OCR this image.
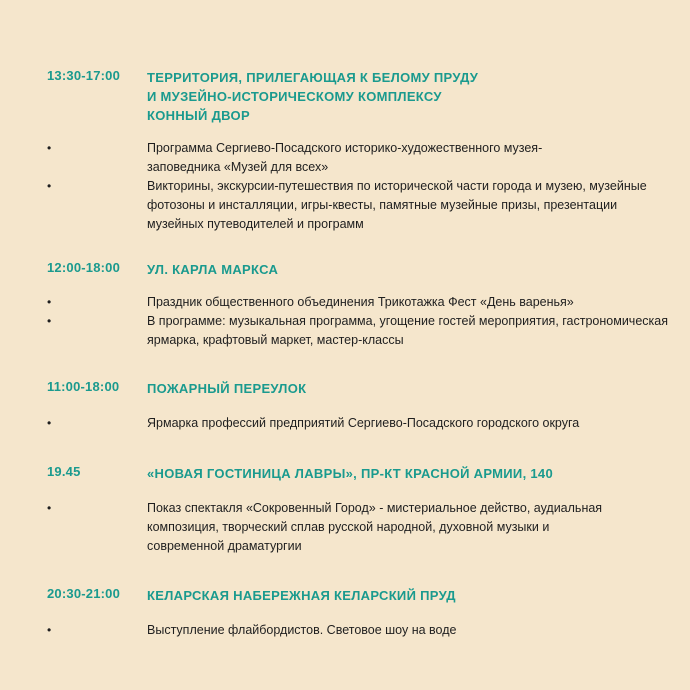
13:30-17:00 ТЕРРИТОРИЯ, ПРИЛЕГАЮЩАЯ К БЕЛОМУ ПРУДУ
И МУЗЕЙНО-ИСТОРИЧЕСКОМУ КОМПЛЕКСУ
КОННЫЙ ДВОР
•	Программа Сергиево-Посадского историко-художественного музея-заповедника «Музей для всех»
•	Викторины, экскурсии-путешествия по исторической части города и музею, музейные фотозоны и инсталляции, игры-квесты, памятные музейные призы, презентации музейных путеводителей и программ
12:00-18:00 УЛ. КАРЛА МАРКСА
•	Праздник общественного объединения Трикотажка Фест «День варенья»
•	В программе: музыкальная программа, угощение гостей мероприятия, гастрономическая ярмарка, крафтовый маркет, мастер-классы
11:00-18:00 ПОЖАРНЫЙ ПЕРЕУЛОК
•	Ярмарка профессий предприятий Сергиево-Посадского городского округа
19.45	«НОВАЯ ГОСТИНИЦА ЛАВРЫ», ПР-КТ КРАСНОЙ АРМИИ, 140
•	Показ спектакля «Сокровенный Город» - мистериальное действо, аудиальная композиция, творческий сплав русской народной, духовной музыки и современной драматургии
20:30-21:00 КЕЛАРСКАЯ НАБЕРЕЖНАЯ КЕЛАРСКИЙ ПРУД
•	Выступление флайбордистов. Световое шоу на воде
